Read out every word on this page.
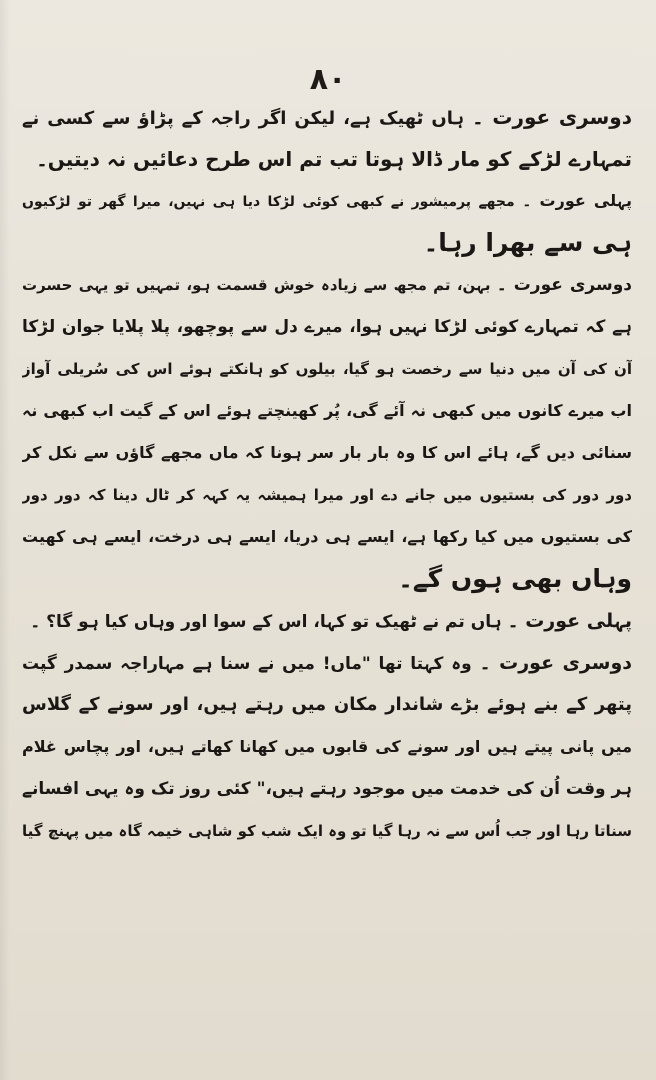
۸۰
دوسری عورت ۔ ہاں ٹھیک ہے، لیکن اگر راجہ کے پڑاؤ سے کسی نے
تمہارے لڑکے کو مار ڈالا ہوتا تب تم اس طرح دعائیں نہ دیتیں۔
پہلی عورت ۔ مجھے پرمیشور نے کبھی کوئی لڑکا دیا ہی نہیں، میرا گھر تو لڑکیوں
ہی سے بھرا رہا۔
دوسری عورت ۔ بہن، تم مجھ سے زیادہ خوش قسمت ہو، تمہیں تو یہی حسرت
ہے کہ تمہارے کوئی لڑکا نہیں ہوا، میرے دل سے پوچھو، پلا پلایا جوان لڑکا
آن کی آن میں دنیا سے رخصت ہو گیا، بیلوں کو ہانکتے ہوئے اس کی سُریلی آواز
اب میرے کانوں میں کبھی نہ آئے گی، پُر کھینچتے ہوئے اس کے گیت اب کبھی نہ
سنائی دیں گے، ہائے اس کا وہ بار بار سر ہونا کہ ماں مجھے گاؤں سے نکل کر
دور دور کی بستیوں میں جانے دے اور میرا ہمیشہ یہ کہہ کر ٹال دینا کہ دور دور
کی بستیوں میں کیا رکھا ہے، ایسے ہی دریا، ایسے ہی درخت، ایسے ہی کھیت
وہاں بھی ہوں گے۔
پہلی عورت ۔ ہاں تم نے ٹھیک تو کہا، اس کے سوا اور وہاں کیا ہو گا؟ ۔
دوسری عورت ۔ وہ کہتا تھا "ماں! میں نے سنا ہے مہاراجہ سمدر گپت
پتھر کے بنے ہوئے بڑے شاندار مکان میں رہتے ہیں، اور سونے کے گلاس
میں پانی پیتے ہیں اور سونے کی قابوں میں کھانا کھاتے ہیں، اور پچاس غلام
ہر وقت اُن کی خدمت میں موجود رہتے ہیں،" کئی روز تک وہ یہی افسانے
سناتا رہا اور جب اُس سے نہ رہا گیا تو وہ ایک شب کو شاہی خیمہ گاہ میں پہنچ گیا
